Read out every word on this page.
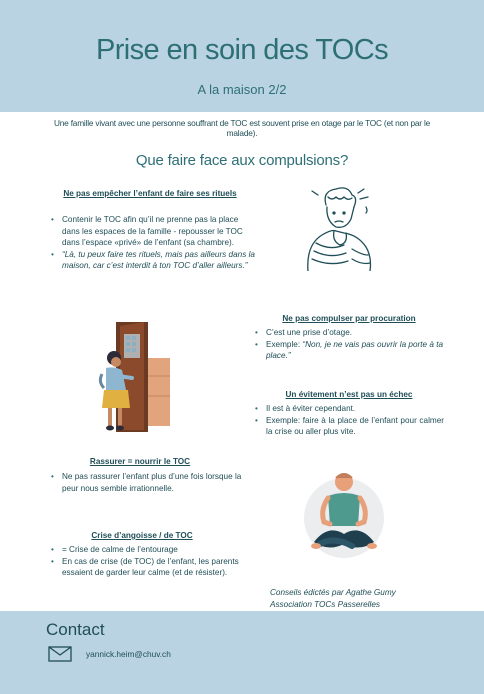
Prise en soin des TOCs
A la maison 2/2
Une famille vivant avec une personne souffrant de TOC est souvent prise en otage par le TOC (et non par le malade).
Que faire face aux compulsions?
Ne pas empêcher l’enfant de faire ses rituels
• Contenir le TOC afin qu’il ne prenne pas la place dans les espaces de la famille - repousser le TOC dans l’espace «privé» de l’enfant (sa chambre).
• “Là, tu peux faire tes rituels, mais pas ailleurs dans la maison, car c’est interdit à ton TOC d’aller ailleurs.”
Ne pas compulser par procuration
• C’est une prise d’otage.
• Exemple: “Non, je ne vais pas ouvrir la porte à ta place.”
Un évitement n’est pas un échec
• Il est à éviter cependant.
• Exemple: faire à la place de l’enfant pour calmer la crise ou aller plus vite.
Rassurer = nourrir le TOC
• Ne pas rassurer l’enfant plus d’une fois lorsque la peur nous semble irrationnelle.
Crise d’angoisse / de TOC
• = Crise de calme de l’entourage
• En cas de crise (de TOC) de l’enfant, les parents essaient de garder leur calme (et de résister).
Conseils édictés par Agathe Gumy
Association TOCs Passerelles
Contact
yannick.heim@chuv.ch
